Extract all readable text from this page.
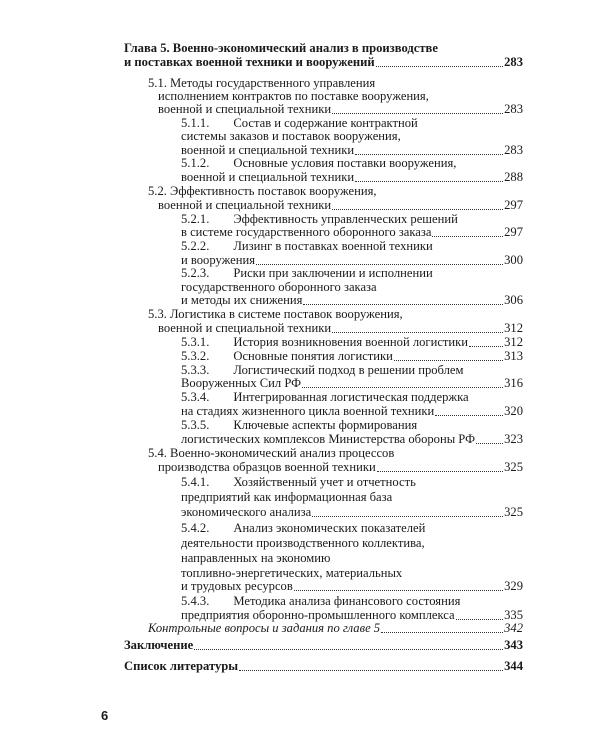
Глава 5. Военно-экономический анализ в производстве
и поставках военной техники и вооружений	283
5.1. Методы государственного управления
исполнением контрактов по поставке вооружения,
военной и специальной техники	283
5.1.1. Состав и содержание контрактной
системы заказов и поставок вооружения,
военной и специальной техники	283
5.1.2. Основные условия поставки вооружения,
военной и специальной техники	288
5.2. Эффективность поставок вооружения,
военной и специальной техники	297
5.2.1. Эффективность управленческих решений
в системе государственного оборонного заказа	297
5.2.2. Лизинг в поставках военной техники
и вооружения	300
5.2.3. Риски при заключении и исполнении
государственного оборонного заказа
и методы их снижения	306
5.3. Логистика в системе поставок вооружения,
военной и специальной техники	312
5.3.1. История возникновения военной логистики	312
5.3.2. Основные понятия логистики	313
5.3.3. Логистический подход в решении проблем
Вооруженных Сил РФ	316
5.3.4. Интегрированная логистическая поддержка
на стадиях жизненного цикла военной техники	320
5.3.5. Ключевые аспекты формирования
логистических комплексов Министерства обороны РФ 323
5.4. Военно-экономический анализ процессов
производства образцов военной техники	325
5.4.1. Хозяйственный учет и отчетность
предприятий как информационная база
экономического анализа	325
5.4.2. Анализ экономических показателей
деятельности производственного коллектива,
направленных на экономию
топливно-энергетических, материальных
и трудовых ресурсов	329
5.4.3. Методика анализа финансового состояния
предприятия оборонно-промышленного комплекса	335
Контрольные вопросы и задания по главе 5	342
Заключение	343
Список литературы	344
6
